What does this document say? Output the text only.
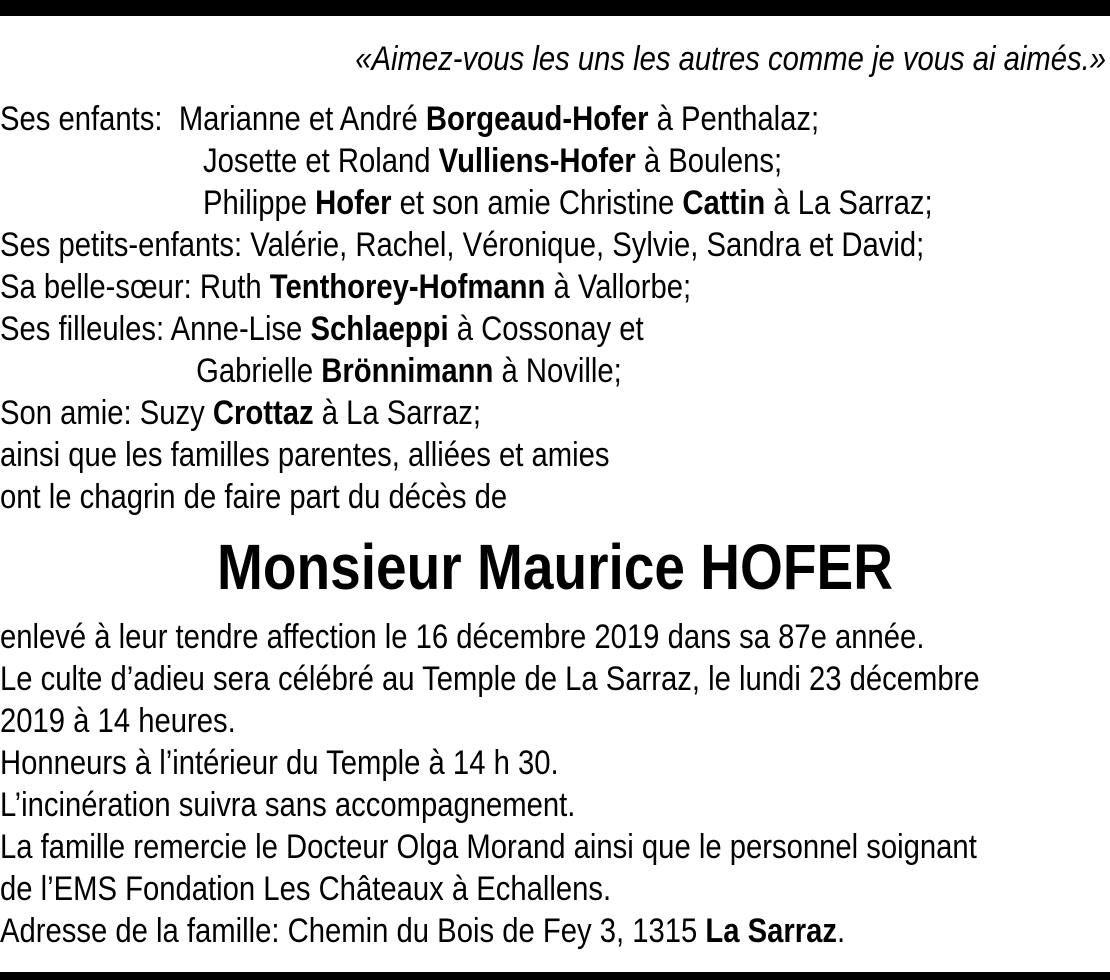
«Aimez-vous les uns les autres comme je vous ai aimés.»
Ses enfants: Marianne et André Borgeaud-Hofer à Penthalaz;
Josette et Roland Vulliens-Hofer à Boulens;
Philippe Hofer et son amie Christine Cattin à La Sarraz;
Ses petits-enfants: Valérie, Rachel, Véronique, Sylvie, Sandra et David;
Sa belle-sœur: Ruth Tenthorey-Hofmann à Vallorbe;
Ses filleules: Anne-Lise Schlaeppi à Cossonay et
Gabrielle Brönnimann à Noville;
Son amie: Suzy Crottaz à La Sarraz;
ainsi que les familles parentes, alliées et amies
ont le chagrin de faire part du décès de
Monsieur Maurice HOFER
enlevé à leur tendre affection le 16 décembre 2019 dans sa 87e année.
Le culte d’adieu sera célébré au Temple de La Sarraz, le lundi 23 décembre
2019 à 14 heures.
Honneurs à l’intérieur du Temple à 14 h 30.
L’incinération suivra sans accompagnement.
La famille remercie le Docteur Olga Morand ainsi que le personnel soignant
de l’EMS Fondation Les Châteaux à Echallens.
Adresse de la famille: Chemin du Bois de Fey 3, 1315 La Sarraz.
